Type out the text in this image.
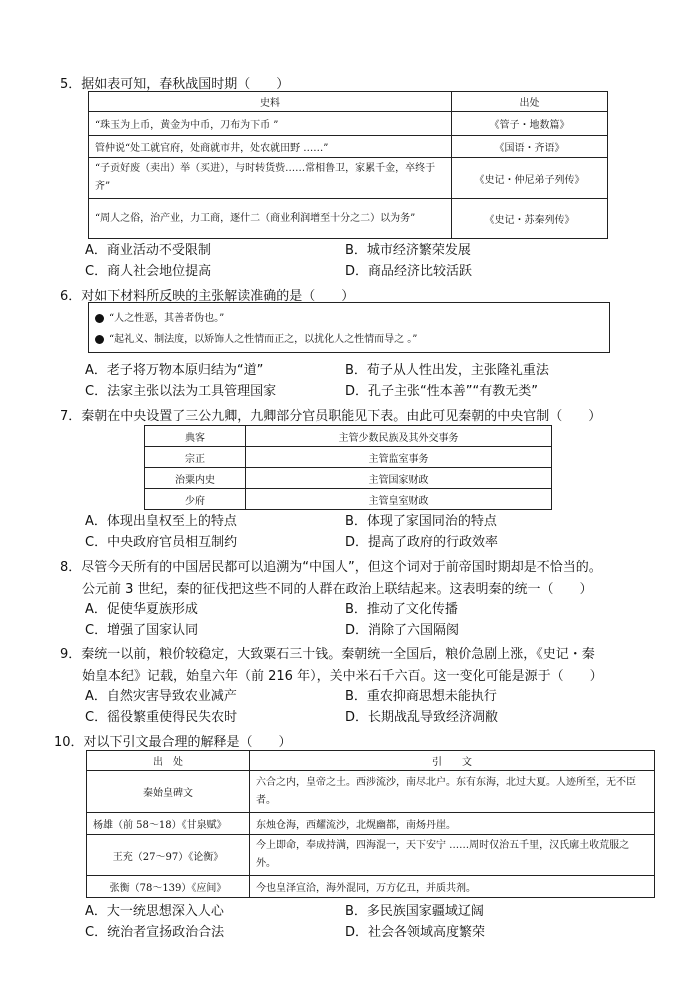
5．据如表可知，春秋战国时期（　　）
史料	出处
“珠玉为上币，黄金为中币，刀布为下币 ”	《管子・地数篇》
管仲说“处工就官府，处商就市井，处农就田野 ……”	《国语・齐语》
“子贡好废（卖出）举（买进），与时转货赀……常相鲁卫，家累千金，卒终于齐”	《史记・仲尼弟子列传》
“周人之俗，治产业，力工商，逐什二（商业利润增至十分之二）以为务”	《史记・苏秦列传》
A．商业活动不受限制	B．城市经济繁荣发展
C．商人社会地位提高	D．商品经济比较活跃
6．对如下材料所反映的主张解读准确的是（　　）
“人之性恶，其善者伪也。”
“起礼义、制法度，以矫饰人之性情而正之，以扰化人之性情而导之 。”
A．老子将万物本原归结为“道”	B．荀子从人性出发，主张隆礼重法
C．法家主张以法为工具管理国家	D．孔子主张“性本善”“有教无类”
7．秦朝在中央设置了三公九卿，九卿部分官员职能见下表。由此可见秦朝的中央官制（　　）
典客	主管少数民族及其外交事务
宗正	主管监室事务
治粟内史	主管国家财政
少府	主管皇室财政
A．体现出皇权至上的特点	B．体现了家国同治的特点
C．中央政府官员相互制约	D．提高了政府的行政效率
8．尽管今天所有的中国居民都可以追溯为“中国人”，但这个词对于前帝国时期却是不恰当的。
公元前 3 世纪，秦的征伐把这些不同的人群在政治上联结起来。这表明秦的统一（　　）
A．促使华夏族形成	B．推动了文化传播
C．增强了国家认同	D．消除了六国隔阂
9．秦统一以前，粮价较稳定，大致粟石三十钱。秦朝统一全国后，粮价急剧上涨，《史记・秦
始皇本纪》记载，始皇六年（前 216 年），关中米石千六百。这一变化可能是源于（　　）
A．自然灾害导致农业减产	B．重农抑商思想未能执行
C．徭役繁重使得民失农时	D．长期战乱导致经济凋敝
10．对以下引文最合理的解释是（　　）
出　处	引　　文
秦始皇碑文	六合之内，皇帝之土。西涉流沙，南尽北户。东有东海，北过大夏。人迹所至，无不臣者。
杨雄（前 58～18）《甘泉赋》	东烛仓海，西耀流沙，北熀幽都，南炀丹崖。
王充（27～97）《论衡》	今上即命，奉成持满，四海混一，天下安宁 ……周时仅治五千里，汉氏廓土收荒服之外。
张衡（78～139）《应间》	今也皇泽宣洽，海外混同，万方亿丑，并质共剂。
A．大一统思想深入人心	B．多民族国家疆域辽阔
C．统治者宣扬政治合法	D．社会各领域高度繁荣
